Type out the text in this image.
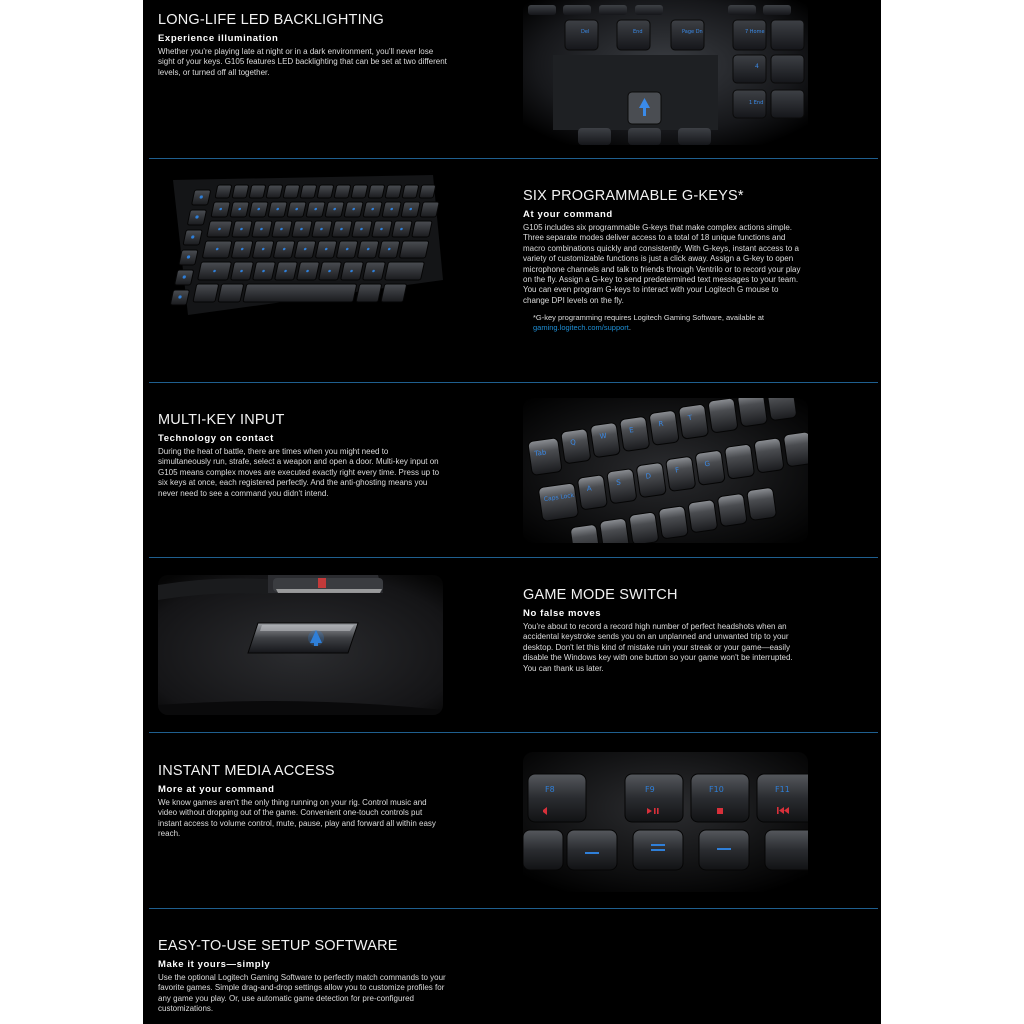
LONG-LIFE LED BACKLIGHTING
Experience illumination
Whether you're playing late at night or in a dark environment, you'll never lose sight of your keys. G105 features LED backlighting that can be set at two different levels, or turned off all together.
Del	End	Page Dn	7 Home
4
1 End
SIX PROGRAMMABLE G-KEYS*
At your command
G105 includes six programmable G-keys that make complex actions simple. Three separate modes deliver access to a total of 18 unique functions and macro combinations quickly and consistently. With G-keys, instant access to a variety of customizable functions is just a click away. Assign a G-key to open microphone channels and talk to friends through Ventrilo or to record your play on the fly. Assign a G-key to send predetermined text messages to your team. You can even program G-keys to interact with your Logitech G mouse to change DPI levels on the fly.
*G-key programming requires Logitech Gaming Software, available at gaming.logitech.com/support.
MULTI-KEY INPUT
Technology on contact
During the heat of battle, there are times when you might need to simultaneously run, strafe, select a weapon and open a door. Multi-key input on G105 means complex moves are executed exactly right every time. Press up to six keys at once, each registered perfectly. And the anti-ghosting means you never need to see a command you didn't intend.
Tab
Q
W
E
R
T
Caps Lock
A
S
D
F
G
GAME MODE SWITCH
No false moves
You're about to record a record high number of perfect headshots when an accidental keystroke sends you on an unplanned and unwanted trip to your desktop. Don't let this kind of mistake ruin your streak or your game—easily disable the Windows key with one button so your game won't be interrupted. You can thank us later.
INSTANT MEDIA ACCESS
More at your command
We know games aren't the only thing running on your rig. Control music and video without dropping out of the game. Convenient one-touch controls put instant access to volume control, mute, pause, play and forward all within easy reach.
F8	F9	F10	F11
EASY-TO-USE SETUP SOFTWARE
Make it yours—simply
Use the optional Logitech Gaming Software to perfectly match commands to your favorite games. Simple drag-and-drop settings allow you to customize profiles for any game you play. Or, use automatic game detection for pre-configured customizations.
